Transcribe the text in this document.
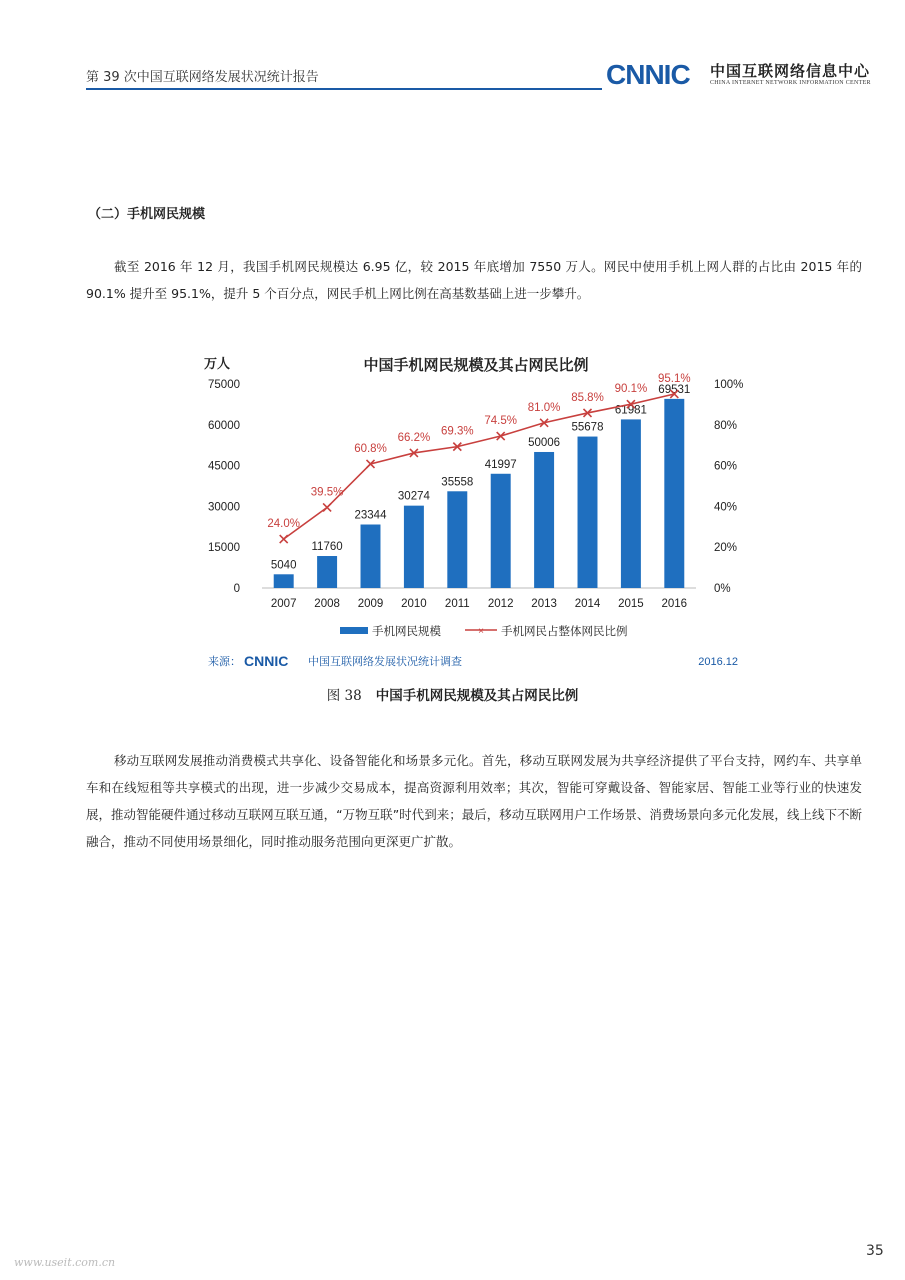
第 39 次中国互联网络发展状况统计报告	CNNIC 中国互联网络信息中心
CHINA INTERNET NETWORK INFORMATION CENTER
（二）手机网民规模

截至 2016 年 12 月，我国手机网民规模达 6.95 亿，较 2015 年底增加 7550 万人。网民中使用手机上网人群的占比由 2015 年的 90.1% 提升至 95.1%，提升 5 个百分点，网民手机上网比例在高基数基础上进一步攀升。

中国手机网民规模及其占网民比例
万人
0
15000
30000
45000
60000
75000
0%
20%
40%
60%
80%
100%
5040
11760
23344
30274
35558
41997
50006
55678
61981
69531
2007 2008 2009 2010 2011 2012 2013 2014 2015 2016
24.0%
39.5%
60.8%
66.2%
69.3%
74.5%
81.0%
85.8%
90.1%
95.1%
手机网民规模	× 手机网民占整体网民比例
来源： CNNIC 中国互联网络发展状况统计调查	2016.12
图 38 中国手机网民规模及其占网民比例

移动互联网发展推动消费模式共享化、设备智能化和场景多元化。首先，移动互联网发展为共享经济提供了平台支持，网约车、共享单车和在线短租等共享模式的出现，进一步减少交易成本，提高资源利用效率；其次，智能可穿戴设备、智能家居、智能工业等行业的快速发展，推动智能硬件通过移动互联网互联互通，“万物互联”时代到来；最后，移动互联网用户工作场景、消费场景向多元化发展，线上线下不断融合，推动不同使用场景细化，同时推动服务范围向更深更广扩散。

www.useit.com.cn
35
